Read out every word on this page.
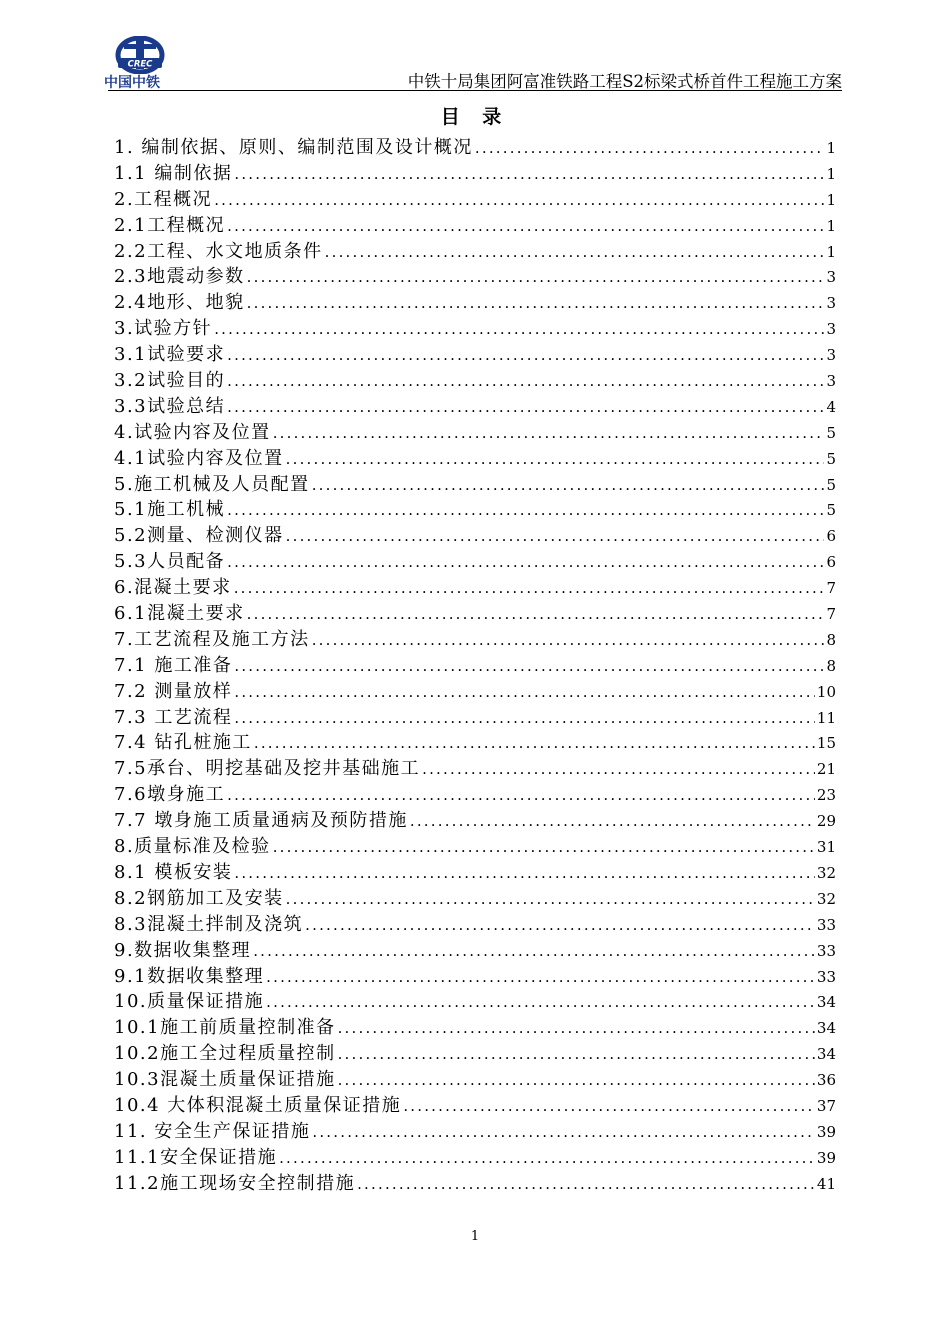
CREC
中国中铁	中铁十局集团阿富准铁路工程S2标梁式桥首件工程施工方案
目 录
1. 编制依据、原则、编制范围及设计概况 .....	1
1.1 编制依据 .....	1
2.工程概况 .....	1
2.1工程概况 .....	1
2.2工程、水文地质条件 .....	1
2.3地震动参数 .....	3
2.4地形、地貌 .....	3
3.试验方针 .....	3
3.1试验要求 .....	3
3.2试验目的 .....	3
3.3试验总结 .....	4
4.试验内容及位置 .....	5
4.1试验内容及位置 .....	5
5.施工机械及人员配置 .....	5
5.1施工机械 .....	5
5.2测量、检测仪器 .....	6
5.3人员配备 .....	6
6.混凝土要求 .....	7
6.1混凝土要求 .....	7
7.工艺流程及施工方法 .....	8
7.1 施工准备 .....	8
7.2 测量放样 .....	10
7.3 工艺流程 .....	11
7.4 钻孔桩施工 .....	15
7.5承台、明挖基础及挖井基础施工 .....	21
7.6墩身施工 .....	23
7.7 墩身施工质量通病及预防措施 .....	29
8.质量标准及检验 .....	31
8.1 模板安装 .....	32
8.2钢筋加工及安装 .....	32
8.3混凝土拌制及浇筑 .....	33
9.数据收集整理 .....	33
9.1数据收集整理 .....	33
10.质量保证措施 .....	34
10.1施工前质量控制准备 .....	34
10.2施工全过程质量控制 .....	34
10.3混凝土质量保证措施 .....	36
10.4 大体积混凝土质量保证措施 .....	37
11. 安全生产保证措施 .....	39
11.1安全保证措施 .....	39
11.2施工现场安全控制措施 .....	41
1
